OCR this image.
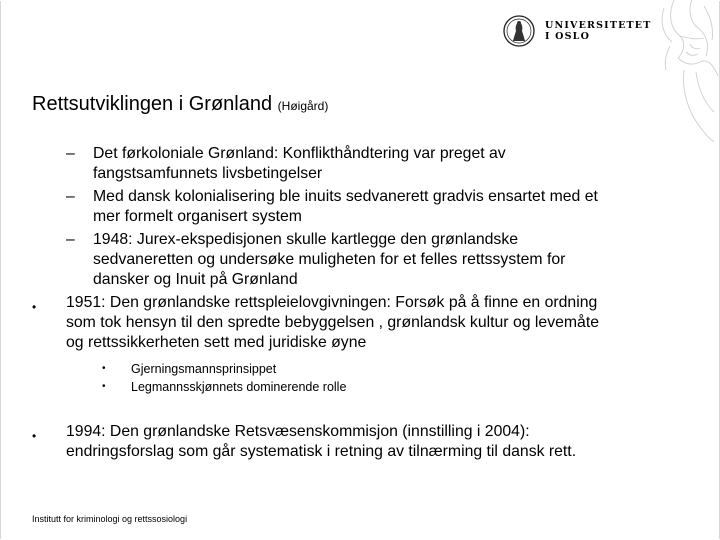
UNIVERSITETET
I OSLO
Rettsutviklingen i Grønland (Høigård)
– Det førkoloniale Grønland: Konflikthåndtering var preget av fangstsamfunnets livsbetingelser
– Med dansk kolonialisering ble inuits sedvanerett gradvis ensartet med et mer formelt organisert system
– 1948: Jurex-ekspedisjonen skulle kartlegge den grønlandske sedvaneretten og undersøke muligheten for et felles rettssystem for dansker og Inuit på Grønland
• 1951: Den grønlandske rettspleielovgivningen: Forsøk på å finne en ordning som tok hensyn til den spredte bebyggelsen , grønlandsk kultur og levemåte og rettssikkerheten sett med juridiske øyne
• Gjerningsmannsprinsippet
• Legmannsskjønnets dominerende rolle
• 1994: Den grønlandske Retsvæsenskommisjon (innstilling i 2004): endringsforslag som går systematisk i retning av tilnærming til dansk rett.
Institutt for kriminologi og rettssosiologi
